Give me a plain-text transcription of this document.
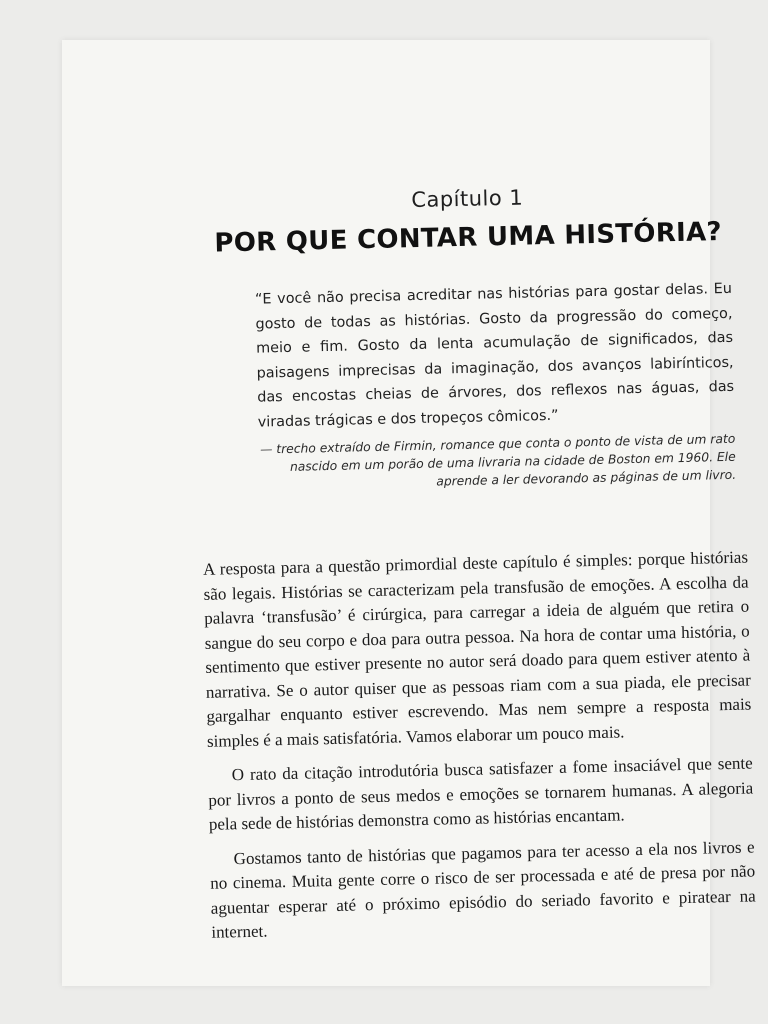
Capítulo 1
POR QUE CONTAR UMA HISTÓRIA?
“E você não precisa acreditar nas histórias para gostar delas. Eu gosto de todas as histórias. Gosto da progressão do começo, meio e fim. Gosto da lenta acumulação de significados, das paisagens imprecisas da imaginação, dos avanços labirínticos, das encostas cheias de árvores, dos reflexos nas águas, das viradas trágicas e dos tropeços cômicos.”
— trecho extraído de Firmin, romance que conta o ponto de vista de um rato nascido em um porão de uma livraria na cidade de Boston em 1960. Ele aprende a ler devorando as páginas de um livro.

A resposta para a questão primordial deste capítulo é simples: porque histórias são legais. Histórias se caracterizam pela transfusão de emoções. A escolha da palavra ‘transfusão’ é cirúrgica, para carregar a ideia de alguém que retira o sangue do seu corpo e doa para outra pessoa. Na hora de contar uma história, o sentimento que estiver presente no autor será doado para quem estiver atento à narrativa. Se o autor quiser que as pessoas riam com a sua piada, ele precisar gargalhar enquanto estiver escrevendo. Mas nem sempre a resposta mais simples é a mais satisfatória. Vamos elaborar um pouco mais.

O rato da citação introdutória busca satisfazer a fome insaciável que sente por livros a ponto de seus medos e emoções se tornarem humanas. A alegoria pela sede de histórias demonstra como as histórias encantam.

Gostamos tanto de histórias que pagamos para ter acesso a ela nos livros e no cinema. Muita gente corre o risco de ser processada e até de presa por não aguentar esperar até o próximo episódio do seriado favorito e piratear na internet.
